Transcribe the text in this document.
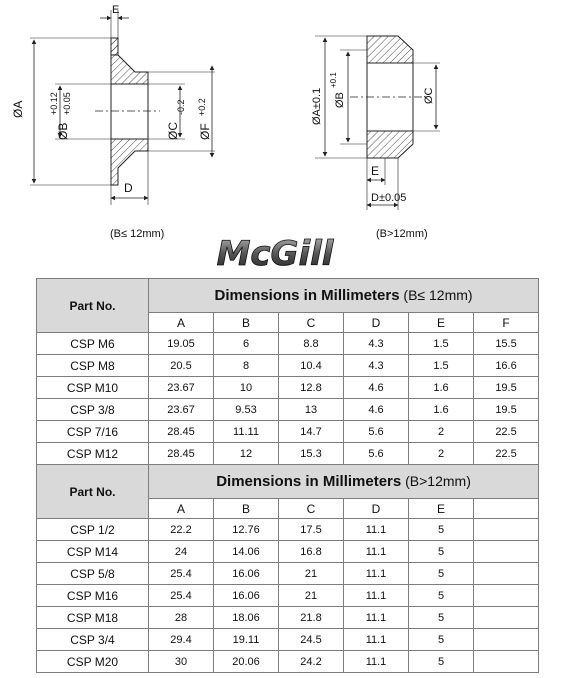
E
ØA
ØB
+0.12 +0.05
ØC
-0.2
ØF
+0.2
D
ØA±0.1 ØB
+0.1
ØC
E
D±0.05
(B≤ 12mm)	(B>12mm)
McGill
Part No.	Dimensions in Millimeters (B≤ 12mm)					
	A	B	C	D	E	F
CSP M6	19.05	6	8.8	4.3	1.5	15.5
CSP M8	20.5	8	10.4	4.3	1.5	16.6
CSP M10	23.67	10	12.8	4.6	1.6	19.5
CSP 3/8	23.67	9.53	13	4.6	1.6	19.5
CSP 7/16	28.45	11.11	14.7	5.6	2	22.5
CSP M12	28.45	12	15.3	5.6	2	22.5
Part No.	Dimensions in Millimeters (B>12mm)					
	A	B	C	D	E	
CSP 1/2	22.2	12.76	17.5	11.1	5	
CSP M14	24	14.06	16.8	11.1	5	
CSP 5/8	25.4	16.06	21	11.1	5	
CSP M16	25.4	16.06	21	11.1	5	
CSP M18	28	18.06	21.8	11.1	5	
CSP 3/4	29.4	19.11	24.5	11.1	5	
CSP M20	30	20.06	24.2	11.1	5	
